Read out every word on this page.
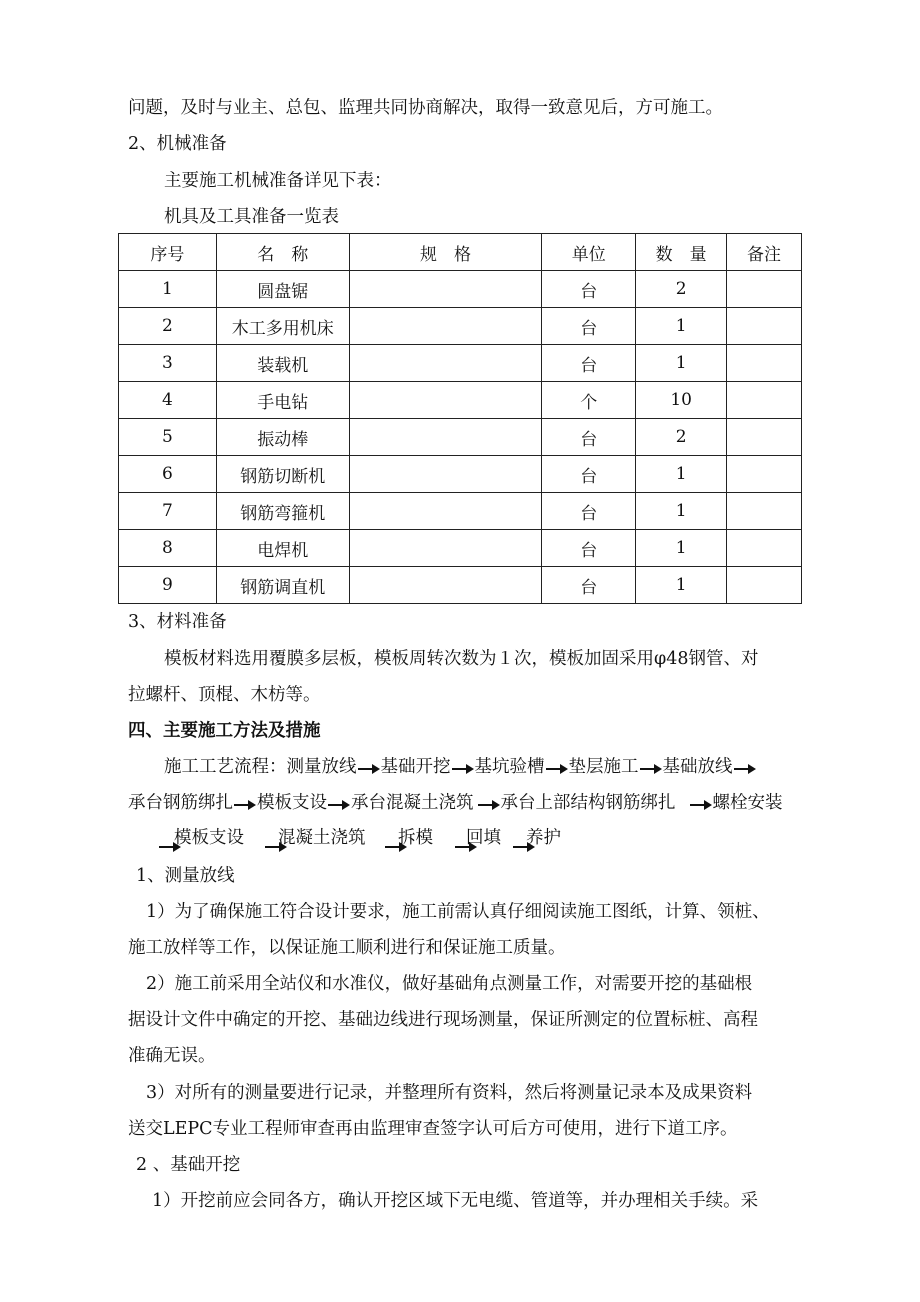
问题，及时与业主、总包、监理共同协商解决，取得一致意见后，方可施工。
2、机械准备
主要施工机械准备详见下表：
机具及工具准备一览表
序号	名　称	规　格	单位	数　量	备注
1	圆盘锯		台	2	
2	木工多用机床		台	1	
3	装载机		台	1	
4	手电钻		个	10	
5	振动棒		台	2	
6	钢筋切断机		台	1	
7	钢筋弯箍机		台	1	
8	电焊机		台	1	
9	钢筋调直机		台	1	
3、材料准备
模板材料选用覆膜多层板，模板周转次数为１次，模板加固采用φ48钢管、对
拉螺杆、顶棍、木枋等。
四、主要施工方法及措施
施工工艺流程：测量放线 基础开挖 基坑验槽 垫层施工 基础放线
承台钢筋绑扎 模板支设 承台混凝土浇筑 承台上部结构钢筋绑扎 螺栓安装
模板支设 混凝土浇筑 拆模 回填 养护
1、测量放线
1）为了确保施工符合设计要求，施工前需认真仔细阅读施工图纸，计算、领桩、
施工放样等工作，以保证施工顺利进行和保证施工质量。
2）施工前采用全站仪和水准仪，做好基础角点测量工作，对需要开挖的基础根
据设计文件中确定的开挖、基础边线进行现场测量，保证所测定的位置标桩、高程
准确无误。
3）对所有的测量要进行记录，并整理所有资料，然后将测量记录本及成果资料
送交LEPC专业工程师审查再由监理审查签字认可后方可使用，进行下道工序。
2 、基础开挖
1）开挖前应会同各方，确认开挖区域下无电缆、管道等，并办理相关手续。采
